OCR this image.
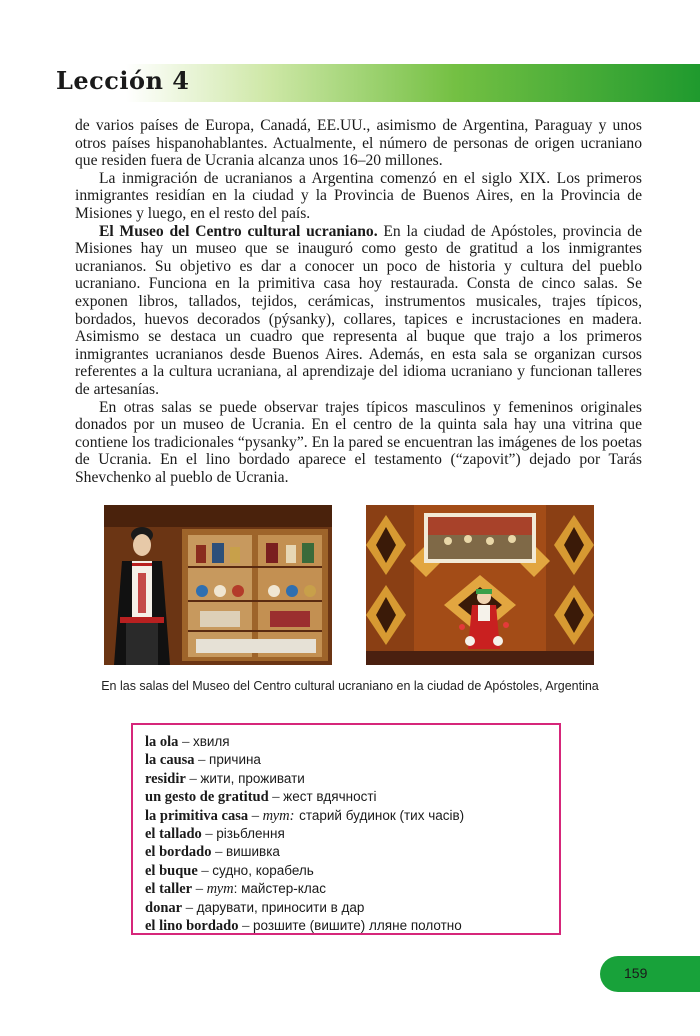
Lección 4

de varios países de Europa, Canadá, EE.UU., asimismo de Argentina, Paraguay y unos otros países hispanohablantes. Actualmente, el número de personas de origen ucraniano que residen fuera de Ucrania alcanza unos 16–20 millones.

La inmigración de ucranianos a Argentina comenzó en el siglo XIX. Los primeros inmigrantes residían en la ciudad y la Provincia de Buenos Aires, en la Provincia de Misiones y luego, en el resto del país.

El Museo del Centro cultural ucraniano. En la ciudad de Apóstoles, provincia de Misiones hay un museo que se inauguró como gesto de gratitud a los inmigrantes ucranianos. Su objetivo es dar a conocer un poco de historia y cultura del pueblo ucraniano. Funciona en la primitiva casa hoy restaurada. Consta de cinco salas. Se exponen libros, tallados, tejidos, cerámicas, instrumentos musicales, trajes típicos, bordados, huevos decorados (pýsanky), collares, tapices e incrustaciones en madera. Asimismo se destaca un cuadro que representa al buque que trajo a los primeros inmigrantes ucranianos desde Buenos Aires. Además, en esta sala se organizan cursos referentes a la cultura ucraniana, al aprendizaje del idioma ucraniano y funcionan talleres de artesanías.

En otras salas se puede observar trajes típicos masculinos y femeninos originales donados por un museo de Ucrania. En el centro de la quinta sala hay una vitrina que contiene los tradicionales “pysanky”. En la pared se encuentran las imágenes de los poetas de Ucrania. En el lino bordado aparece el testamento (“zapovit”) dejado por Tarás Shevchenko al pueblo de Ucrania.

En las salas del Museo del Centro cultural ucraniano en la ciudad de Apóstoles, Argentina
la ola – хвиля
la causa – причина
residir – жити, проживати
un gesto de gratitud – жест вдячності
la primitiva casa – тут: старий будинок (тих часів)
el tallado – різьблення
el bordado – вишивка
el buque – судно, корабель
el taller – тут: майстер-клас
donar – дарувати, приносити в дар
el lino bordado – розшите (вишите) лляне полотно
159
